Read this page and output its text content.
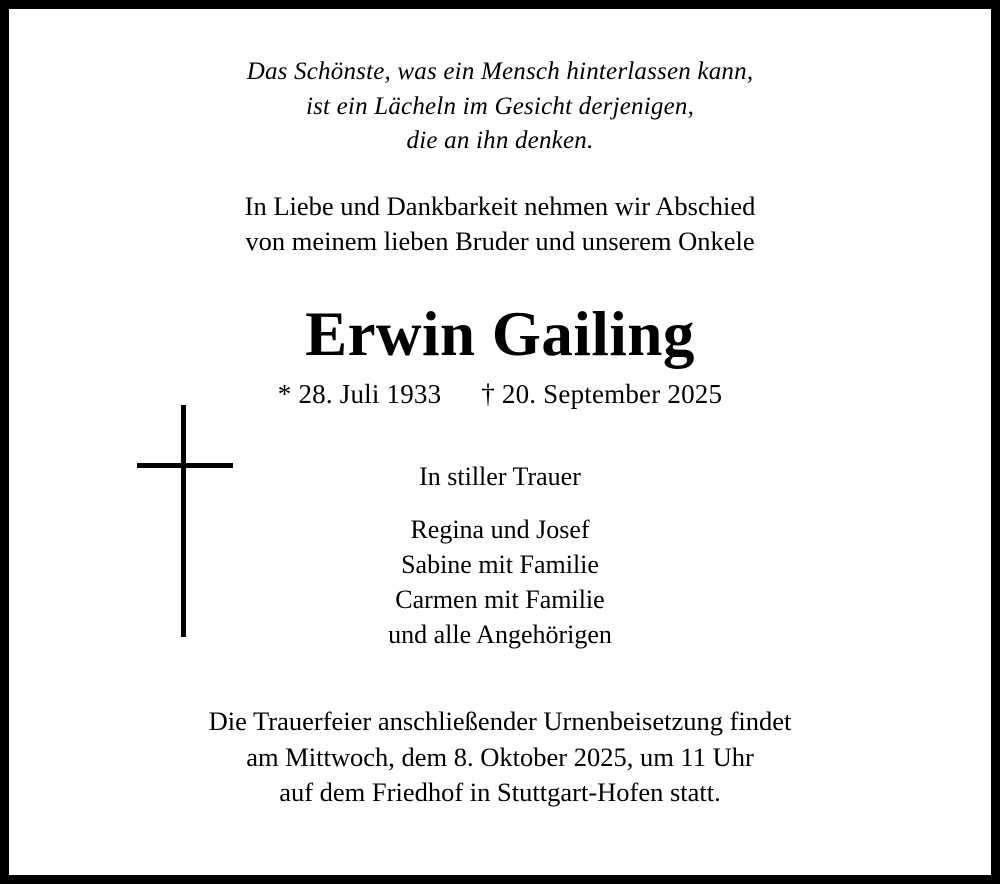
Das Schönste, was ein Mensch hinterlassen kann,
ist ein Lächeln im Gesicht derjenigen,
die an ihn denken.
In Liebe und Dankbarkeit nehmen wir Abschied
von meinem lieben Bruder und unserem Onkele
Erwin Gailing
* 28. Juli 1933 † 20. September 2025
In stiller Trauer
Regina und Josef
Sabine mit Familie
Carmen mit Familie
und alle Angehörigen
Die Trauerfeier anschließender Urnenbeisetzung findet
am Mittwoch, dem 8. Oktober 2025, um 11 Uhr
auf dem Friedhof in Stuttgart-Hofen statt.
